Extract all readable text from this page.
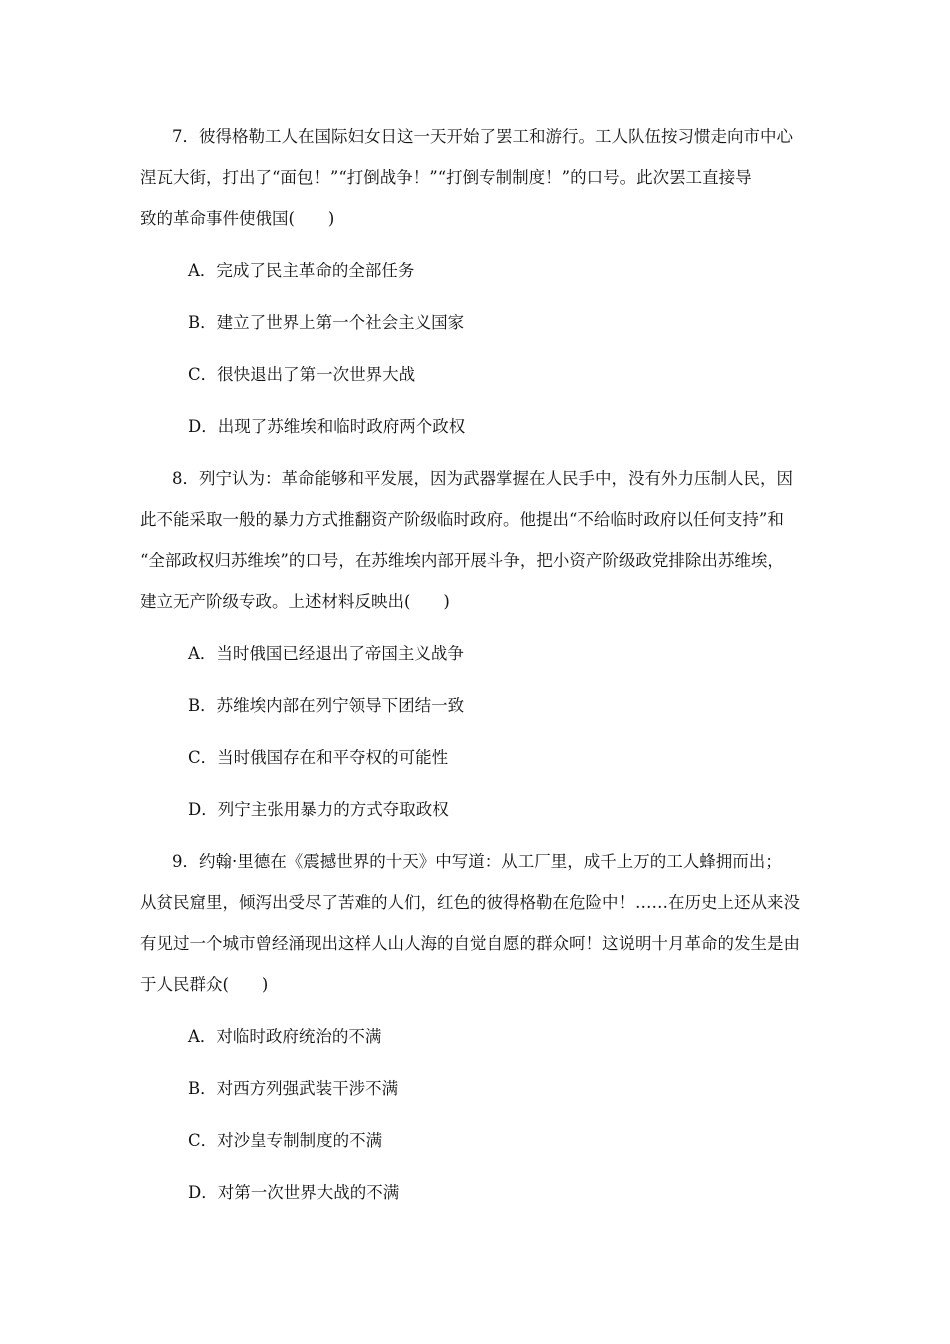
7．彼得格勒工人在国际妇女日这一天开始了罢工和游行。工人队伍按习惯走向市中心
涅瓦大街，打出了“面包！”“打倒战争！”“打倒专制制度！”的口号。此次罢工直接导
致的革命事件使俄国(　　)
A．完成了民主革命的全部任务
B．建立了世界上第一个社会主义国家
C．很快退出了第一次世界大战
D．出现了苏维埃和临时政府两个政权
8．列宁认为：革命能够和平发展，因为武器掌握在人民手中，没有外力压制人民，因
此不能采取一般的暴力方式推翻资产阶级临时政府。他提出“不给临时政府以任何支持”和
“全部政权归苏维埃”的口号，在苏维埃内部开展斗争，把小资产阶级政党排除出苏维埃，
建立无产阶级专政。上述材料反映出(　　)
A．当时俄国已经退出了帝国主义战争
B．苏维埃内部在列宁领导下团结一致
C．当时俄国存在和平夺权的可能性
D．列宁主张用暴力的方式夺取政权
9．约翰·里德在《震撼世界的十天》中写道：从工厂里，成千上万的工人蜂拥而出；
从贫民窟里，倾泻出受尽了苦难的人们，红色的彼得格勒在危险中！……在历史上还从来没
有见过一个城市曾经涌现出这样人山人海的自觉自愿的群众呵！这说明十月革命的发生是由
于人民群众(　　)
A．对临时政府统治的不满
B．对西方列强武装干涉不满
C．对沙皇专制制度的不满
D．对第一次世界大战的不满
